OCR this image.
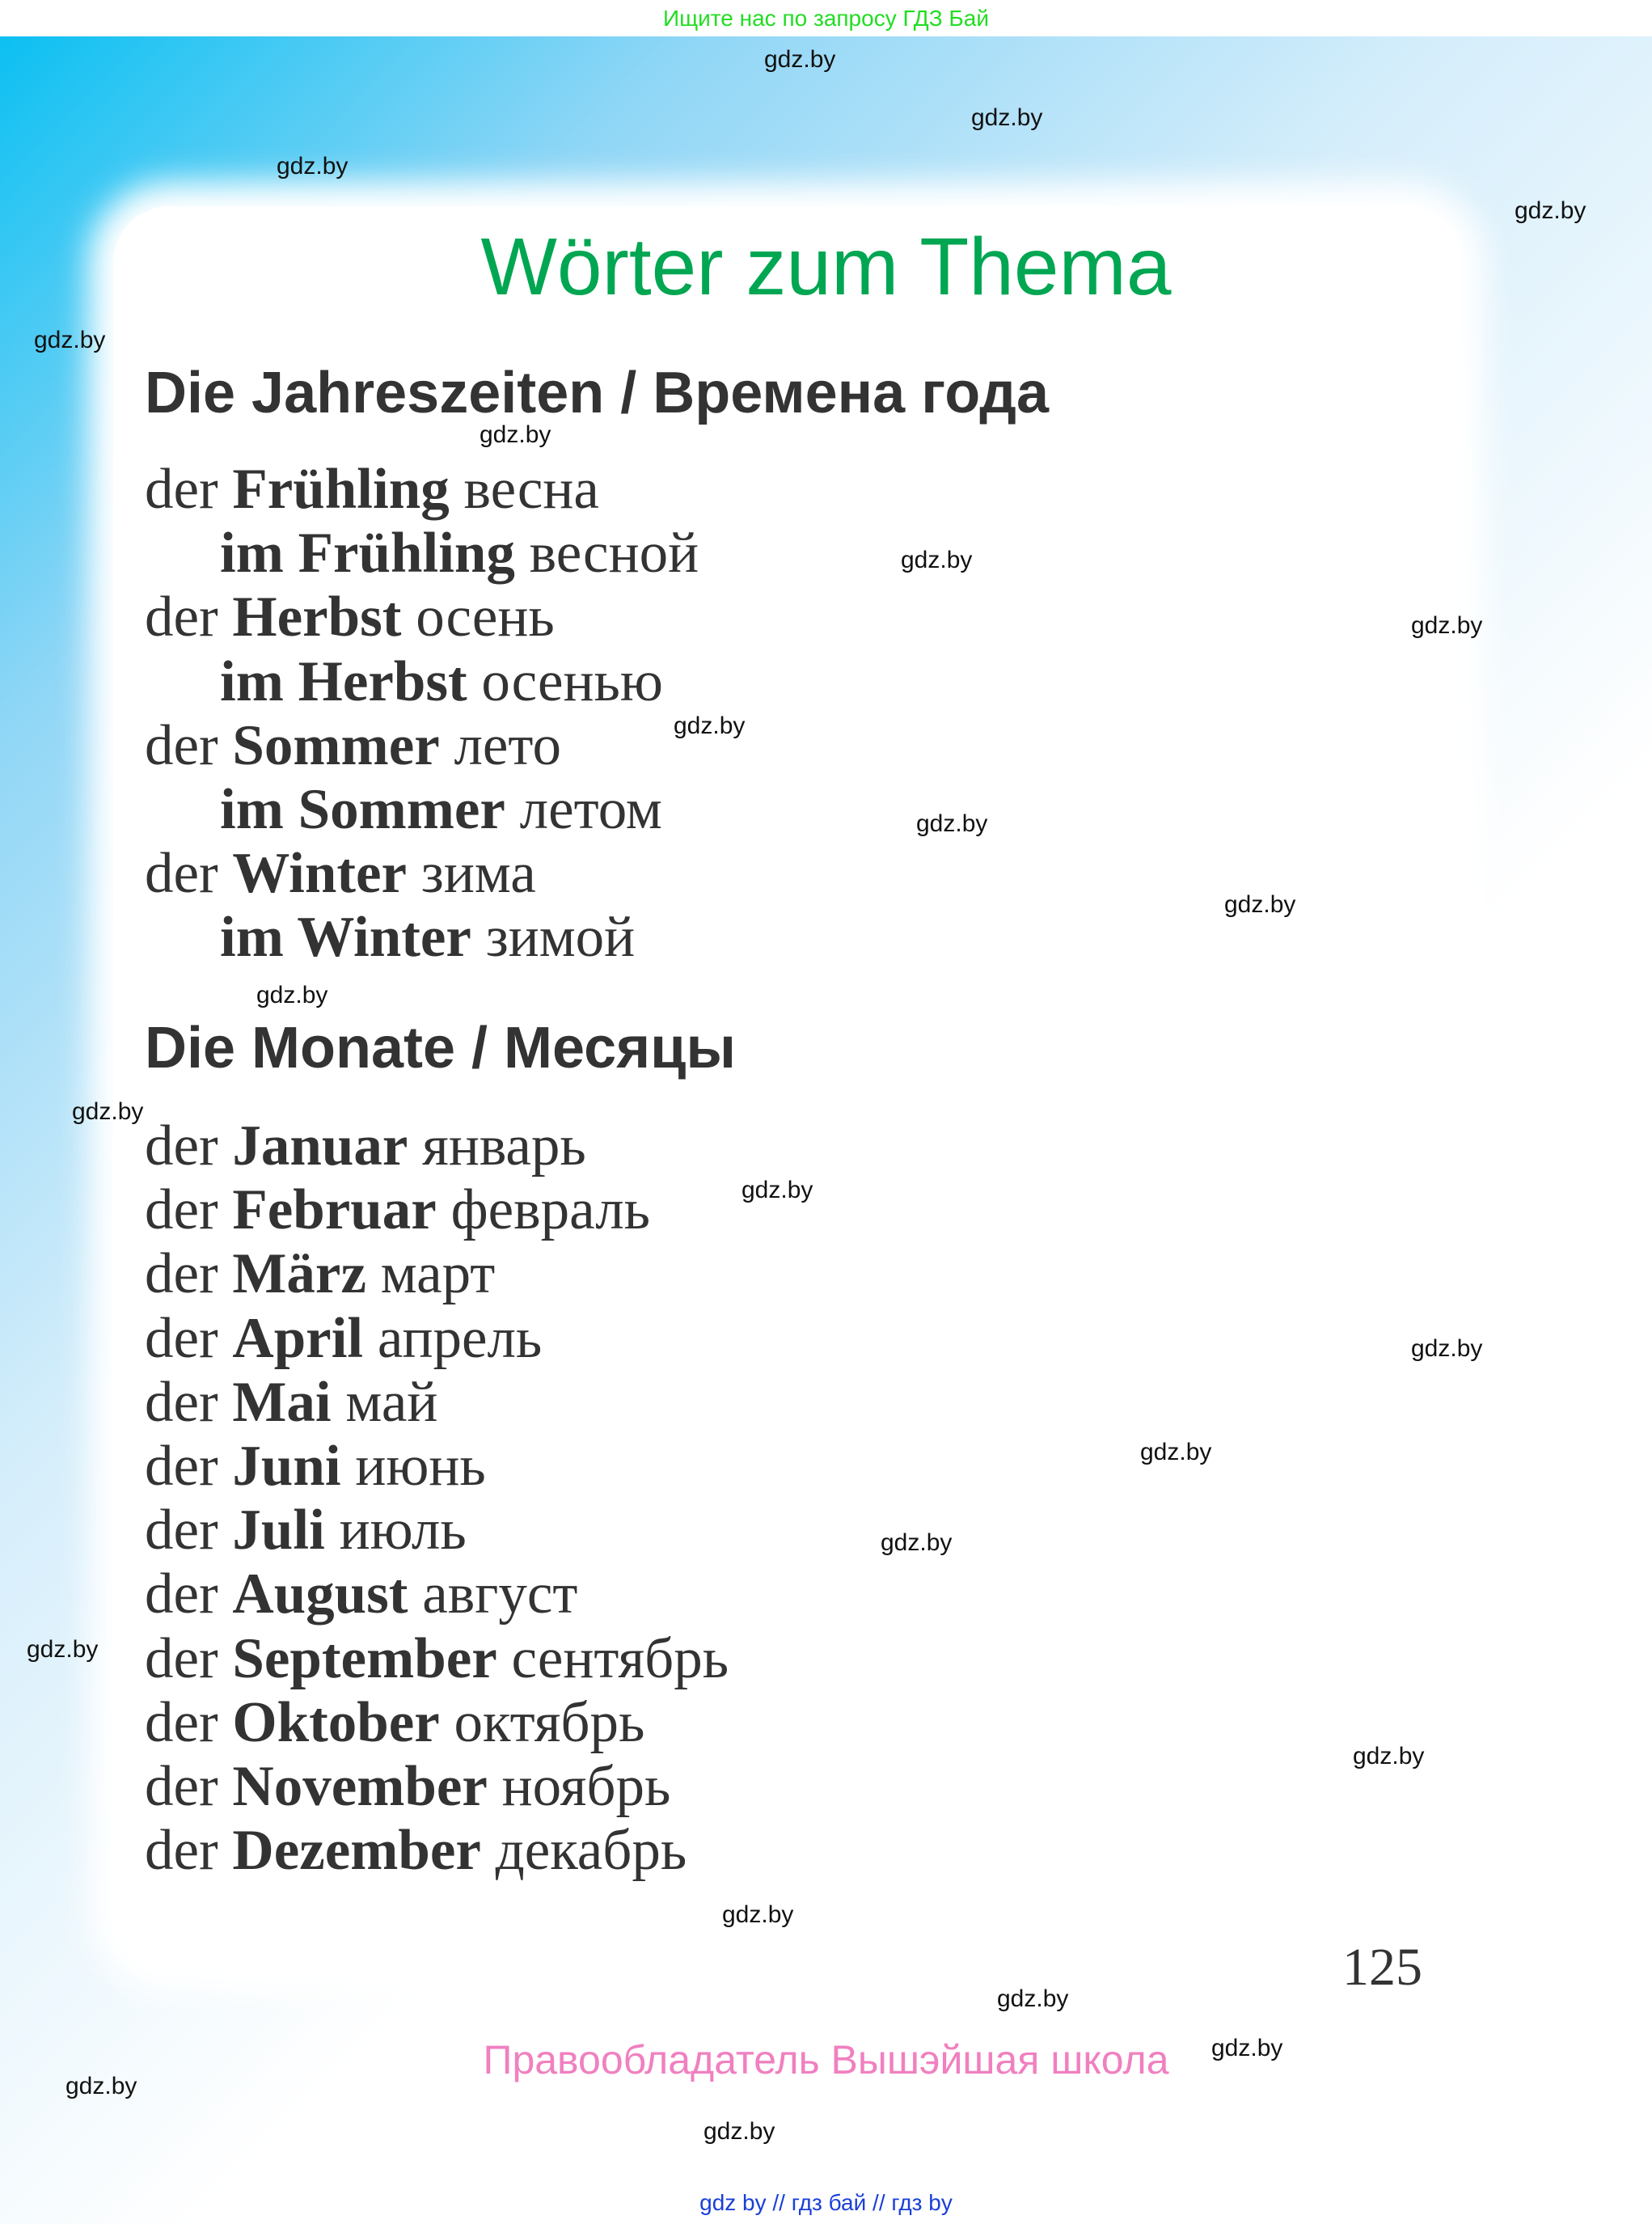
Ищите нас по запросу ГДЗ Бай
Wörter zum Thema
Die Jahreszeiten / Времена года
Die Monate / Месяцы
der Frühling весна
im Frühling весной
der Herbst осень
im Herbst осенью
der Sommer лето
im Sommer летом
der Winter зима
im Winter зимой
der Januar январь
der Februar февраль
der März март
der April апрель
der Mai май
der Juni июнь
der Juli июль
der August август
der September сентябрь
der Oktober октябрь
der November ноябрь
der Dezember декабрь
125
Правообладатель Вышэйшая школа
gdz by // гдз бай // гдз by
gdz.by
gdz.by
gdz.by
gdz.by
gdz.by
gdz.by
gdz.by
gdz.by
gdz.by
gdz.by
gdz.by
gdz.by
gdz.by
gdz.by
gdz.by
gdz.by
gdz.by
gdz.by
gdz.by
gdz.by
gdz.by
gdz.by
gdz.by
gdz.by
